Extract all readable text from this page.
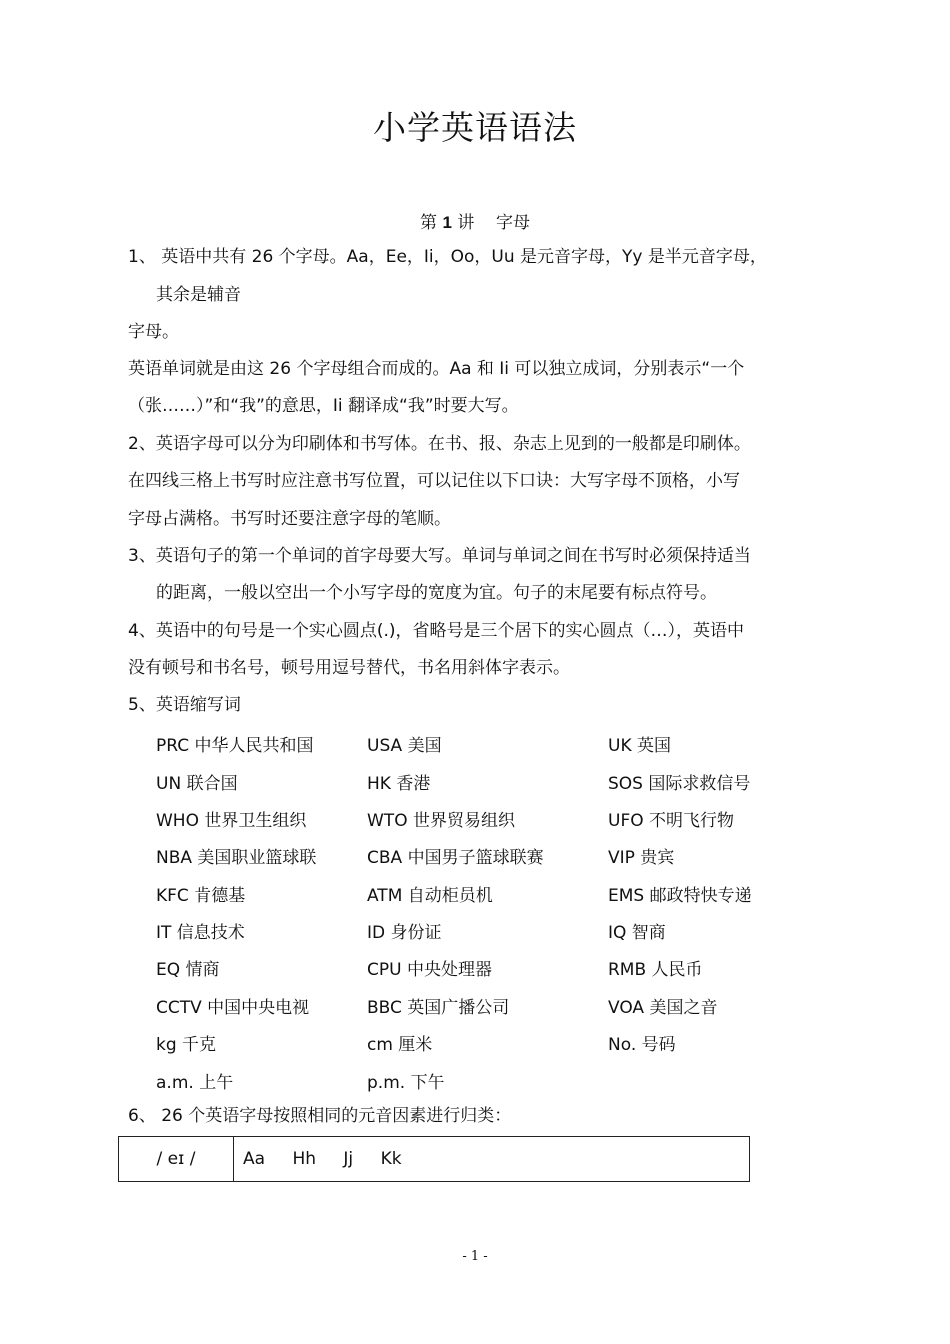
小学英语语法
第 1 讲 字母
1、 英语中共有 26 个字母。Aa，Ee，Ii，Oo，Uu 是元音字母，Yy 是半元音字母，
其余是辅音
字母。
英语单词就是由这 26 个字母组合而成的。Aa 和 Ii 可以独立成词，分别表示“一个
（张……）”和“我”的意思，Ii 翻译成“我”时要大写。
2、英语字母可以分为印刷体和书写体。在书、报、杂志上见到的一般都是印刷体。
在四线三格上书写时应注意书写位置，可以记住以下口诀：大写字母不顶格，小写
字母占满格。书写时还要注意字母的笔顺。
3、英语句子的第一个单词的首字母要大写。单词与单词之间在书写时必须保持适当
的距离，一般以空出一个小写字母的宽度为宜。句子的末尾要有标点符号。
4、英语中的句号是一个实心圆点(.)，省略号是三个居下的实心圆点（…），英语中
没有顿号和书名号，顿号用逗号替代，书名用斜体字表示。
5、英语缩写词
PRC 中华人民共和国	USA 美国	UK 英国
UN 联合国	HK 香港	SOS 国际求救信号
WHO 世界卫生组织	WTO 世界贸易组织	UFO 不明飞行物
NBA 美国职业篮球联	CBA 中国男子篮球联赛	VIP 贵宾
KFC 肯德基	ATM 自动柜员机	EMS 邮政特快专递
IT 信息技术	ID 身份证	IQ 智商
EQ 情商	CPU 中央处理器	RMB 人民币
CCTV 中国中央电视	BBC 英国广播公司	VOA 美国之音
kg 千克	cm 厘米	No. 号码
a.m. 上午	p.m. 下午
6、 26 个英语字母按照相同的元音因素进行归类：
/ eɪ /	Aa Hh Jj Kk
- 1 -
